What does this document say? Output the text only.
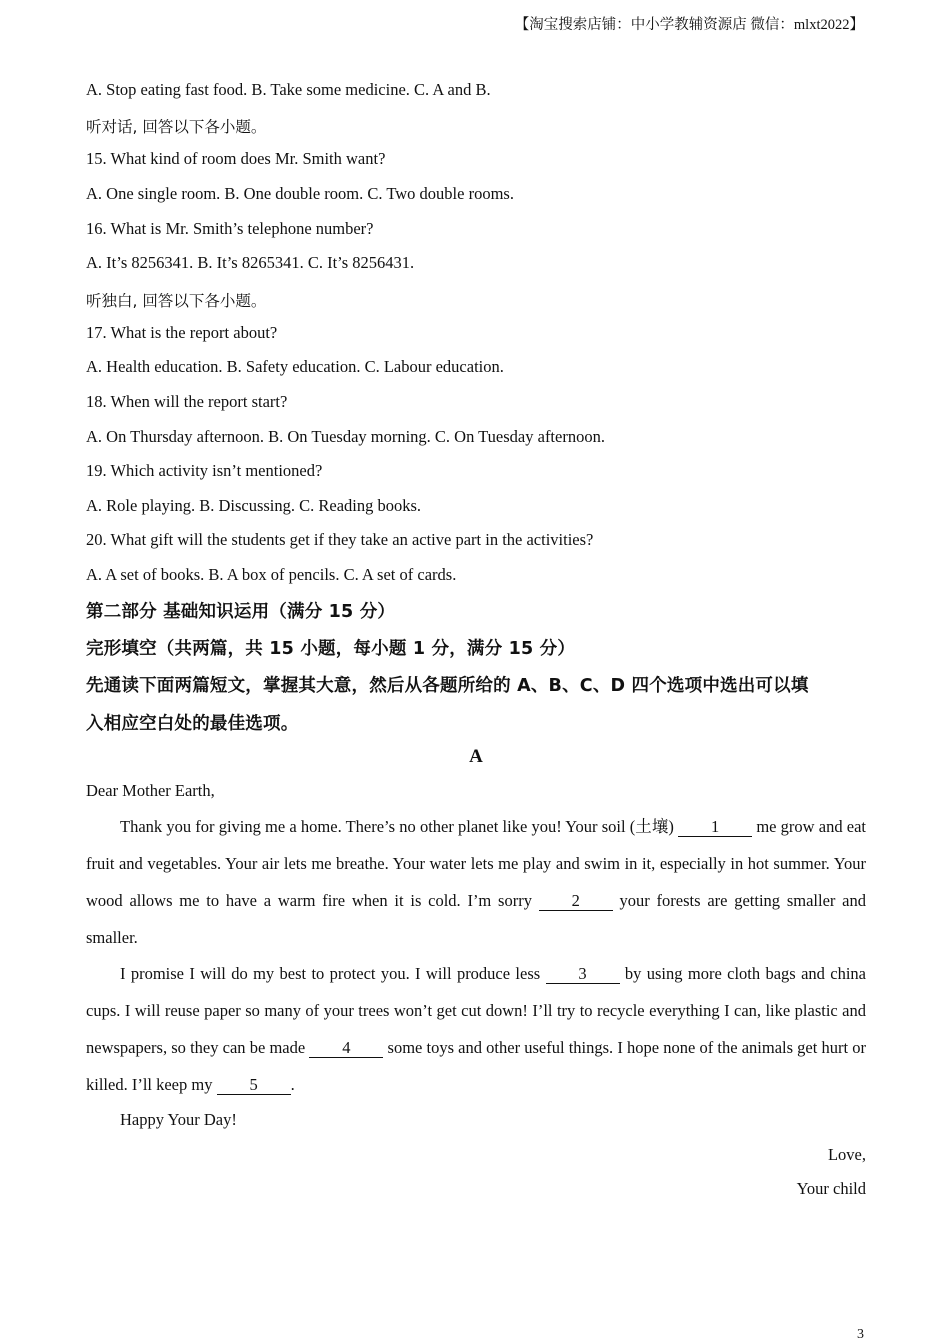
【淘宝搜索店铺：中小学教辅资源店 微信：mlxt2022】
A. Stop eating fast food. B. Take some medicine. C. A and B.
听对话, 回答以下各小题。
15. What kind of room does Mr. Smith want?
A. One single room. B. One double room. C. Two double rooms.
16. What is Mr. Smith’s telephone number?
A. It’s 8256341. B. It’s 8265341. C. It’s 8256431.
听独白, 回答以下各小题。
17. What is the report about?
A. Health education. B. Safety education. C. Labour education.
18. When will the report start?
A. On Thursday afternoon. B. On Tuesday morning. C. On Tuesday afternoon.
19. Which activity isn’t mentioned?
A. Role playing. B. Discussing. C. Reading books.
20. What gift will the students get if they take an active part in the activities?
A. A set of books. B. A box of pencils. C. A set of cards.
第二部分 基础知识运用（满分 15 分）
完形填空（共两篇，共 15 小题，每小题 1 分，满分 15 分）
先通读下面两篇短文，掌握其大意，然后从各题所给的 A、B、C、D 四个选项中选出可以填
入相应空白处的最佳选项。
A
Dear Mother Earth,
Thank you for giving me a home. There’s no other planet like you! Your soil (土壤) 1 me grow and eat fruit and vegetables. Your air lets me breathe. Your water lets me play and swim in it, especially in hot summer. Your wood allows me to have a warm fire when it is cold. I’m sorry 2 your forests are getting smaller and smaller.
I promise I will do my best to protect you. I will produce less 3 by using more cloth bags and china cups. I will reuse paper so many of your trees won’t get cut down! I’ll try to recycle everything I can, like plastic and newspapers, so they can be made 4 some toys and other useful things. I hope none of the animals get hurt or killed. I’ll keep my 5 .
Happy Your Day!
Love,
Your child
3
